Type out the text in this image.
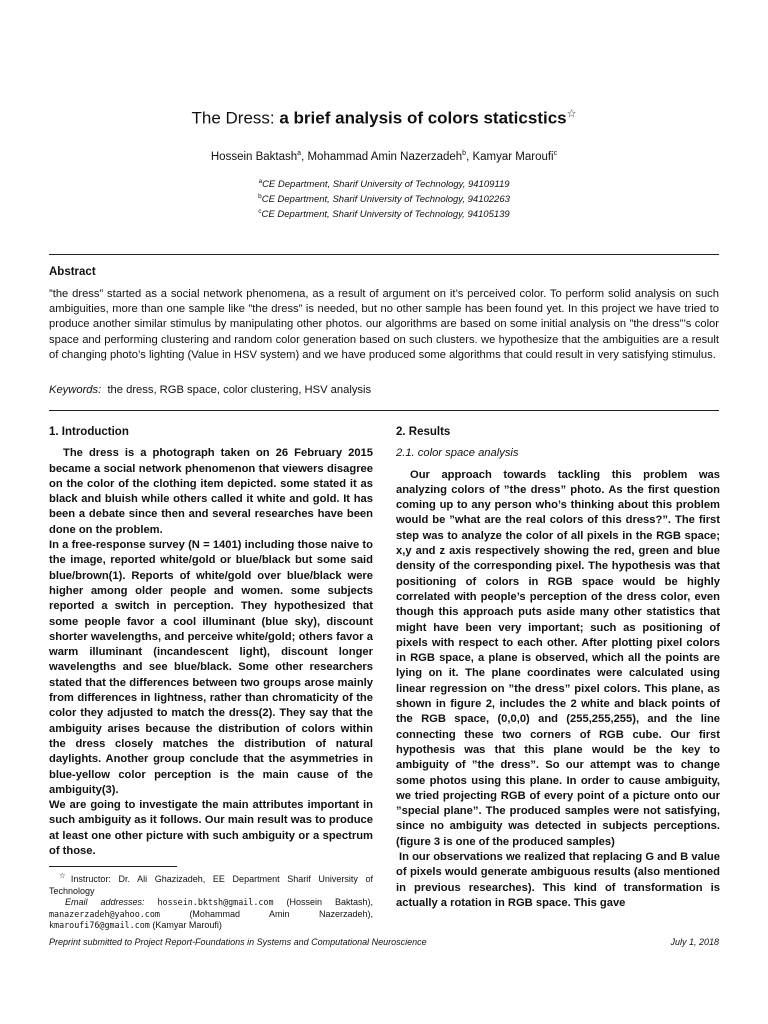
The Dress: a brief analysis of colors staticstics☆
Hossein Baktash$^a$, Mohammad Amin Nazerzadeh$^b$, Kamyar Maroufi$^c$
$^a$CE Department, Sharif University of Technology, 94109119
$^b$CE Department, Sharif University of Technology, 94102263
$^c$CE Department, Sharif University of Technology, 94105139
Abstract
”the dress” started as a social network phenomena, as a result of argument on it’s perceived color. To perform solid analysis on such ambiguities, more than one sample like ”the dress” is needed, but no other sample has been found yet. In this project we have tried to produce another similar stimulus by manipulating other photos. our algorithms are based on some initial analysis on ”the dress”’s color space and performing clustering and random color generation based on such clusters. we hypothesize that the ambiguities are a result of changing photo’s lighting (Value in HSV system) and we have produced some algorithms that could result in very satisfying stimulus.
Keywords: the dress, RGB space, color clustering, HSV analysis
1. Introduction

The dress is a photograph taken on 26 February 2015 became a social network phenomenon that viewers disagree on the color of the clothing item depicted. some stated it as black and bluish while others called it white and gold. It has been a debate since then and several researches have been done on the problem.

In a free-response survey (N = 1401) including those naive to the image, reported white/gold or blue/black but some said blue/brown(1). Reports of white/gold over blue/black were higher among older people and women. some subjects reported a switch in perception. They hypothesized that some people favor a cool illuminant (blue sky), discount shorter wavelengths, and perceive white/gold; others favor a warm illuminant (incandescent light), discount longer wavelengths and see blue/black. Some other researchers stated that the differences between two groups arose mainly from differences in lightness, rather than chromaticity of the color they adjusted to match the dress(2). They say that the ambiguity arises because the distribution of colors within the dress closely matches the distribution of natural daylights. Another group conclude that the asymmetries in blue-yellow color perception is the main cause of the ambiguity(3).

We are going to investigate the main attributes important in such ambiguity as it follows. Our main result was to produce at least one other picture with such ambiguity or a spectrum of those.

2. Results
2.1. color space analysis

Our approach towards tackling this problem was analyzing colors of ”the dress” photo. As the first question coming up to any person who’s thinking about this problem would be ”what are the real colors of this dress?”. The first step was to analyze the color of all pixels in the RGB space; x,y and z axis respectively showing the red, green and blue density of the corresponding pixel. The hypothesis was that positioning of colors in RGB space would be highly correlated with people’s perception of the dress color, even though this approach puts aside many other statistics that might have been very important; such as positioning of pixels with respect to each other. After plotting pixel colors in RGB space, a plane is observed, which all the points are lying on it. The plane coordinates were calculated using linear regression on ”the dress” pixel colors. This plane, as shown in figure 2, includes the 2 white and black points of the RGB space, (0,0,0) and (255,255,255), and the line connecting these two corners of RGB cube. Our first hypothesis was that this plane would be the key to ambiguity of ”the dress”. So our attempt was to change some photos using this plane. In order to cause ambiguity, we tried projecting RGB of every point of a picture onto our ”special plane”. The produced samples were not satisfying, since no ambiguity was detected in subjects perceptions. (figure 3 is one of the produced samples)

In our observations we realized that replacing G and B value of pixels would generate ambiguous results (also mentioned in previous researches). This kind of transformation is actually a rotation in RGB space. This gave

☆Instructor: Dr. Ali Ghazizadeh, EE Department Sharif University of Technology
Email addresses: hossein.bktsh@gmail.com (Hossein Baktash), manazerzadeh@yahoo.com (Mohammad Amin Nazerzadeh), kmaroufi76@gmail.com (Kamyar Maroufi)
Preprint submitted to Project Report-Foundations in Systems and Computational Neuroscience	July 1, 2018
